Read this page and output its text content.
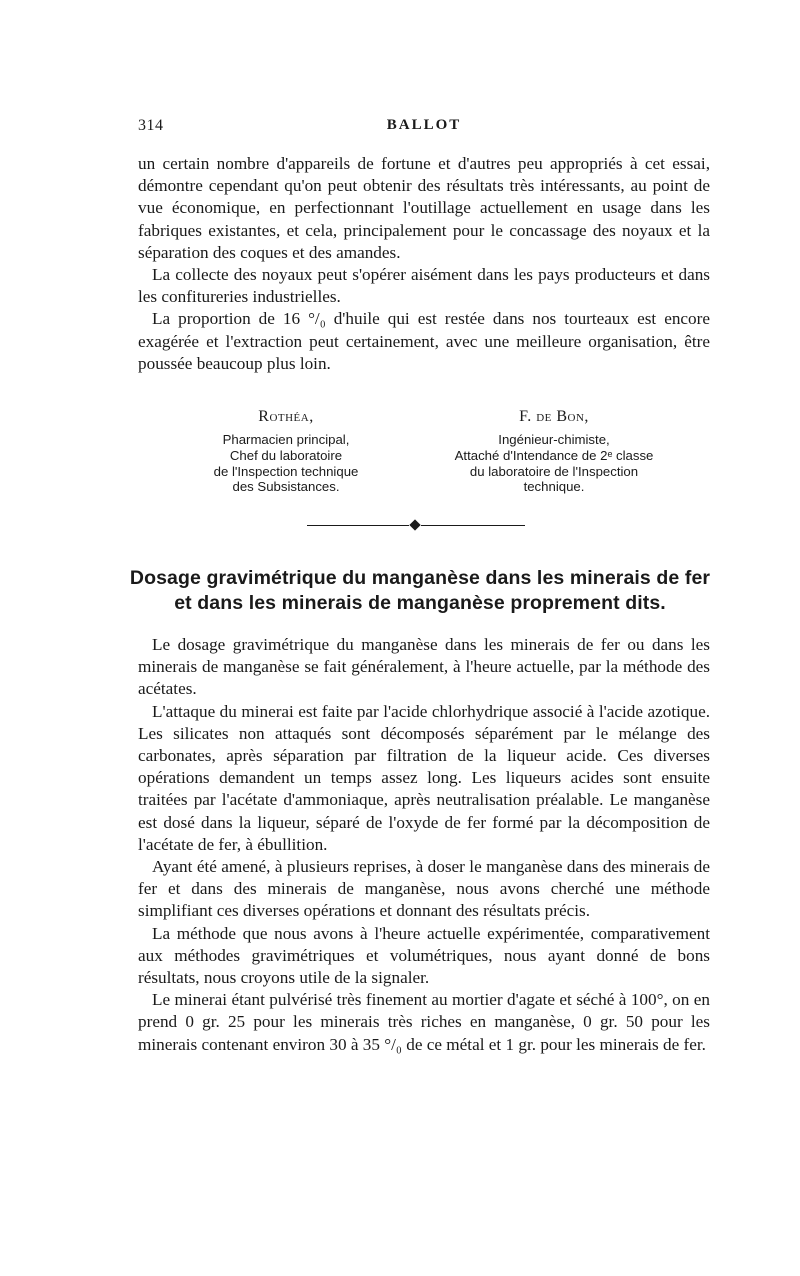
314	BALLOT

un certain nombre d'appareils de fortune et d'autres peu appropriés à cet essai, démontre cependant qu'on peut obtenir des résultats très intéressants, au point de vue économique, en perfectionnant l'outillage actuellement en usage dans les fabriques existantes, et cela, principalement pour le concassage des noyaux et la séparation des coques et des amandes.

La collecte des noyaux peut s'opérer aisément dans les pays producteurs et dans les confitureries industrielles.

La proportion de 16 °/₀ d'huile qui est restée dans nos tourteaux est encore exagérée et l'extraction peut certainement, avec une meilleure organisation, être poussée beaucoup plus loin.

Rothéa,
Pharmacien principal,
Chef du laboratoire
de l'Inspection technique
des Subsistances.
F. de Bon,
Ingénieur-chimiste,
Attaché d'Intendance de 2ᵉ classe
du laboratoire de l'Inspection
technique.
Dosage gravimétrique du manganèse dans les minerais de fer
et dans les minerais de manganèse proprement dits.

Le dosage gravimétrique du manganèse dans les minerais de fer ou dans les minerais de manganèse se fait généralement, à l'heure actuelle, par la méthode des acétates.

L'attaque du minerai est faite par l'acide chlorhydrique associé à l'acide azotique. Les silicates non attaqués sont décomposés séparément par le mélange des carbonates, après séparation par filtration de la liqueur acide. Ces diverses opérations demandent un temps assez long. Les liqueurs acides sont ensuite traitées par l'acétate d'ammoniaque, après neutralisation préalable. Le manganèse est dosé dans la liqueur, séparé de l'oxyde de fer formé par la décomposition de l'acétate de fer, à ébullition.

Ayant été amené, à plusieurs reprises, à doser le manganèse dans des minerais de fer et dans des minerais de manganèse, nous avons cherché une méthode simplifiant ces diverses opérations et donnant des résultats précis.

La méthode que nous avons à l'heure actuelle expérimentée, comparativement aux méthodes gravimétriques et volumétriques, nous ayant donné de bons résultats, nous croyons utile de la signaler.

Le minerai étant pulvérisé très finement au mortier d'agate et séché à 100°, on en prend 0 gr. 25 pour les minerais très riches en manganèse, 0 gr. 50 pour les minerais contenant environ 30 à 35 °/₀ de ce métal et 1 gr. pour les minerais de fer.
